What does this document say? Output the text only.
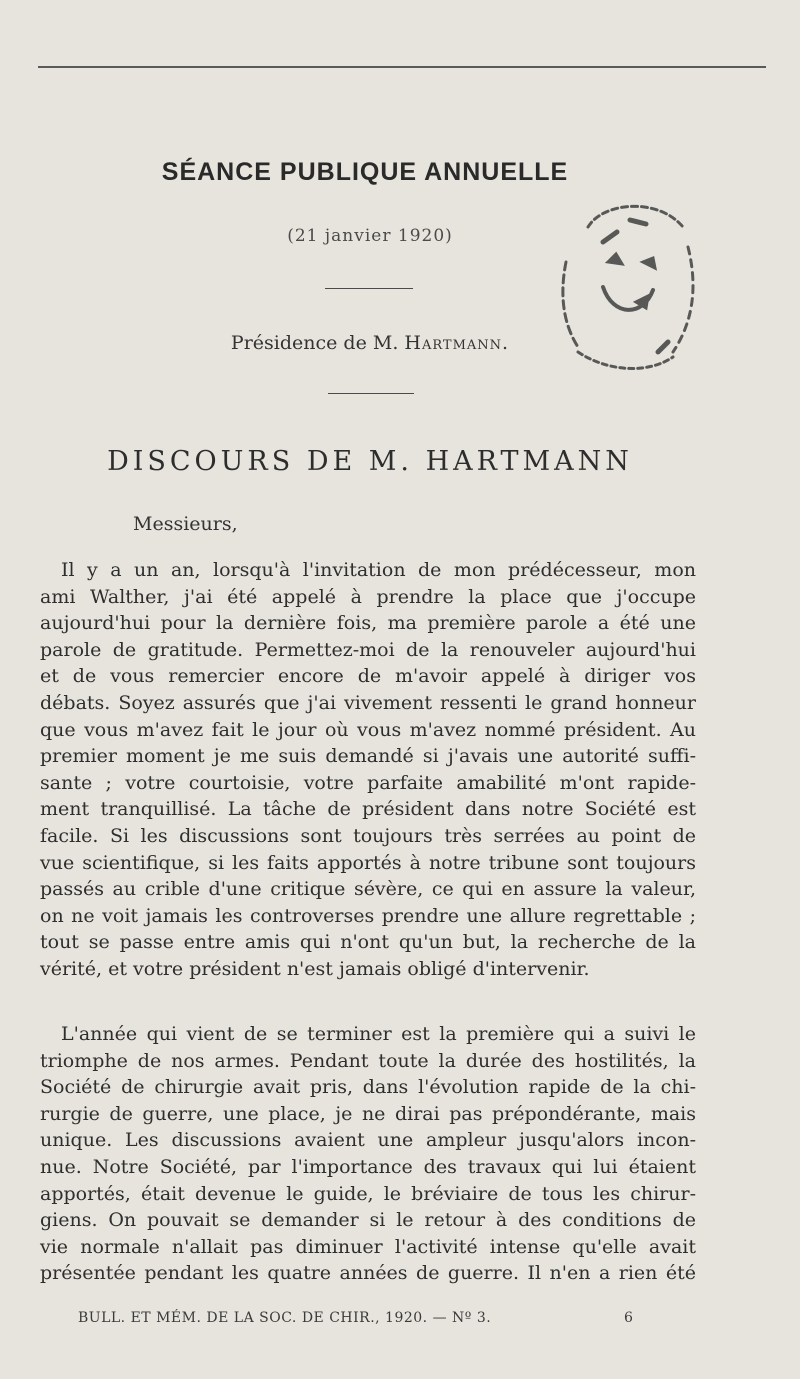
SÉANCE PUBLIQUE ANNUELLE
(21 janvier 1920)
Présidence de M. Hartmann.
DISCOURS DE M. HARTMANN
Messieurs,
Il y a un an, lorsqu'à l'invitation de mon prédécesseur, mon
ami Walther, j'ai été appelé à prendre la place que j'occupe
aujourd'hui pour la dernière fois, ma première parole a été une
parole de gratitude. Permettez-moi de la renouveler aujourd'hui
et de vous remercier encore de m'avoir appelé à diriger vos
débats. Soyez assurés que j'ai vivement ressenti le grand honneur
que vous m'avez fait le jour où vous m'avez nommé président. Au
premier moment je me suis demandé si j'avais une autorité suffi-
sante ; votre courtoisie, votre parfaite amabilité m'ont rapide-
ment tranquillisé. La tâche de président dans notre Société est
facile. Si les discussions sont toujours très serrées au point de
vue scientifique, si les faits apportés à notre tribune sont toujours
passés au crible d'une critique sévère, ce qui en assure la valeur,
on ne voit jamais les controverses prendre une allure regrettable ;
tout se passe entre amis qui n'ont qu'un but, la recherche de la
vérité, et votre président n'est jamais obligé d'intervenir.
L'année qui vient de se terminer est la première qui a suivi le
triomphe de nos armes. Pendant toute la durée des hostilités, la
Société de chirurgie avait pris, dans l'évolution rapide de la chi-
rurgie de guerre, une place, je ne dirai pas prépondérante, mais
unique. Les discussions avaient une ampleur jusqu'alors incon-
nue. Notre Société, par l'importance des travaux qui lui étaient
apportés, était devenue le guide, le bréviaire de tous les chirur-
giens. On pouvait se demander si le retour à des conditions de
vie normale n'allait pas diminuer l'activité intense qu'elle avait
présentée pendant les quatre années de guerre. Il n'en a rien été
BULL. ET MÉM. DE LA SOC. DE CHIR., 1920. — Nº 3.	6
